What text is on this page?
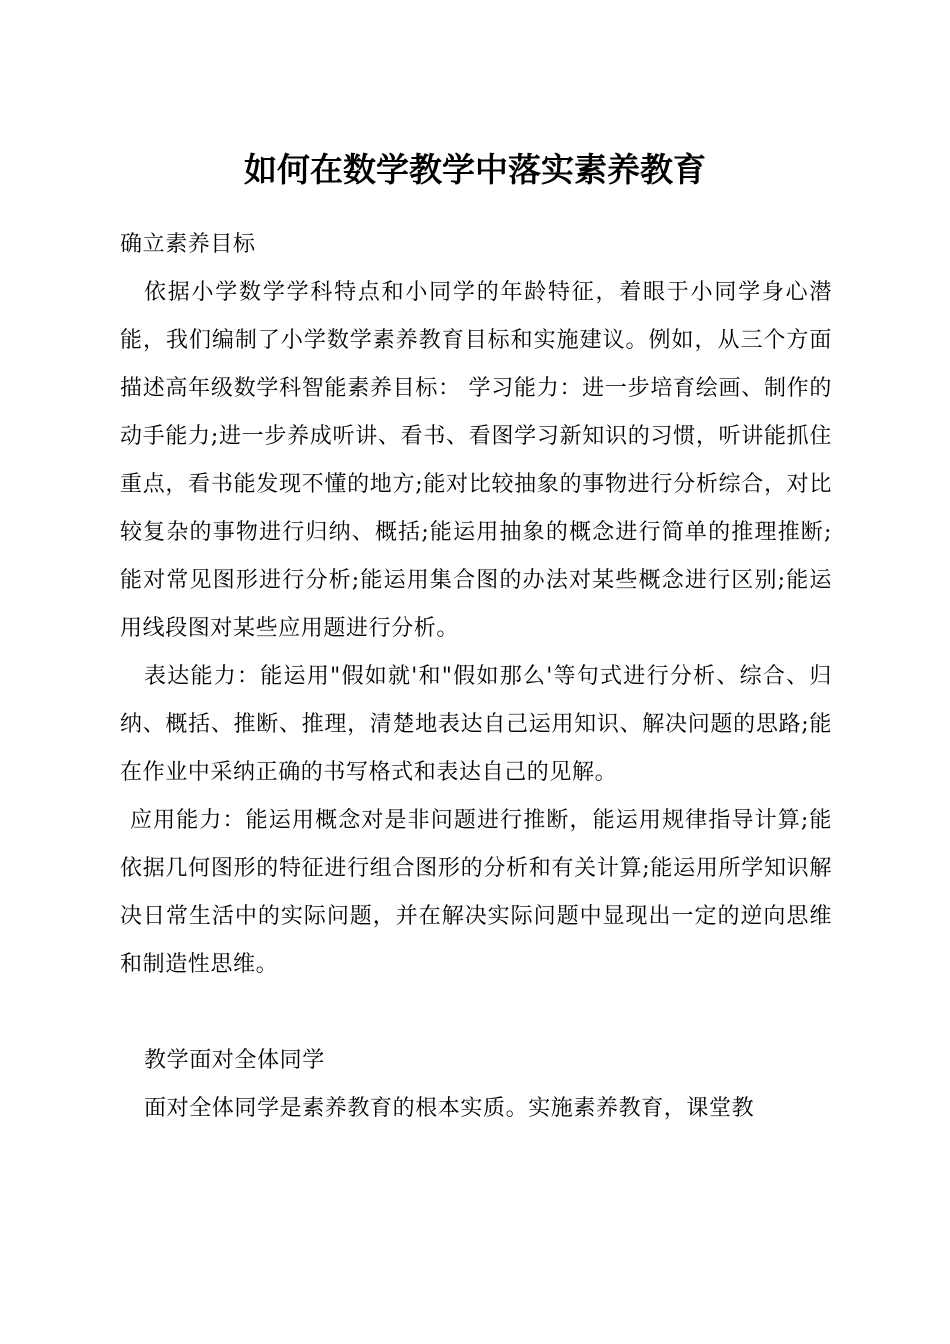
如何在数学教学中落实素养教育

确立素养目标

依据小学数学学科特点和小同学的年龄特征，着眼于小同学身心潜能，我们编制了小学数学素养教育目标和实施建议。例如，从三个方面描述高年级数学科智能素养目标： 学习能力：进一步培育绘画、制作的动手能力;进一步养成听讲、看书、看图学习新知识的习惯，听讲能抓住重点，看书能发现不懂的地方;能对比较抽象的事物进行分析综合，对比较复杂的事物进行归纳、概括;能运用抽象的概念进行简单的推理推断;能对常见图形进行分析;能运用集合图的办法对某些概念进行区别;能运用线段图对某些应用题进行分析。

表达能力：能运用"假如就'和"假如那么'等句式进行分析、综合、归纳、概括、推断、推理，清楚地表达自己运用知识、解决问题的思路;能在作业中采纳正确的书写格式和表达自己的见解。

应用能力：能运用概念对是非问题进行推断，能运用规律指导计算;能依据几何图形的特征进行组合图形的分析和有关计算;能运用所学知识解决日常生活中的实际问题，并在解决实际问题中显现出一定的逆向思维和制造性思维。

教学面对全体同学

面对全体同学是素养教育的根本实质。实施素养教育，课堂教
